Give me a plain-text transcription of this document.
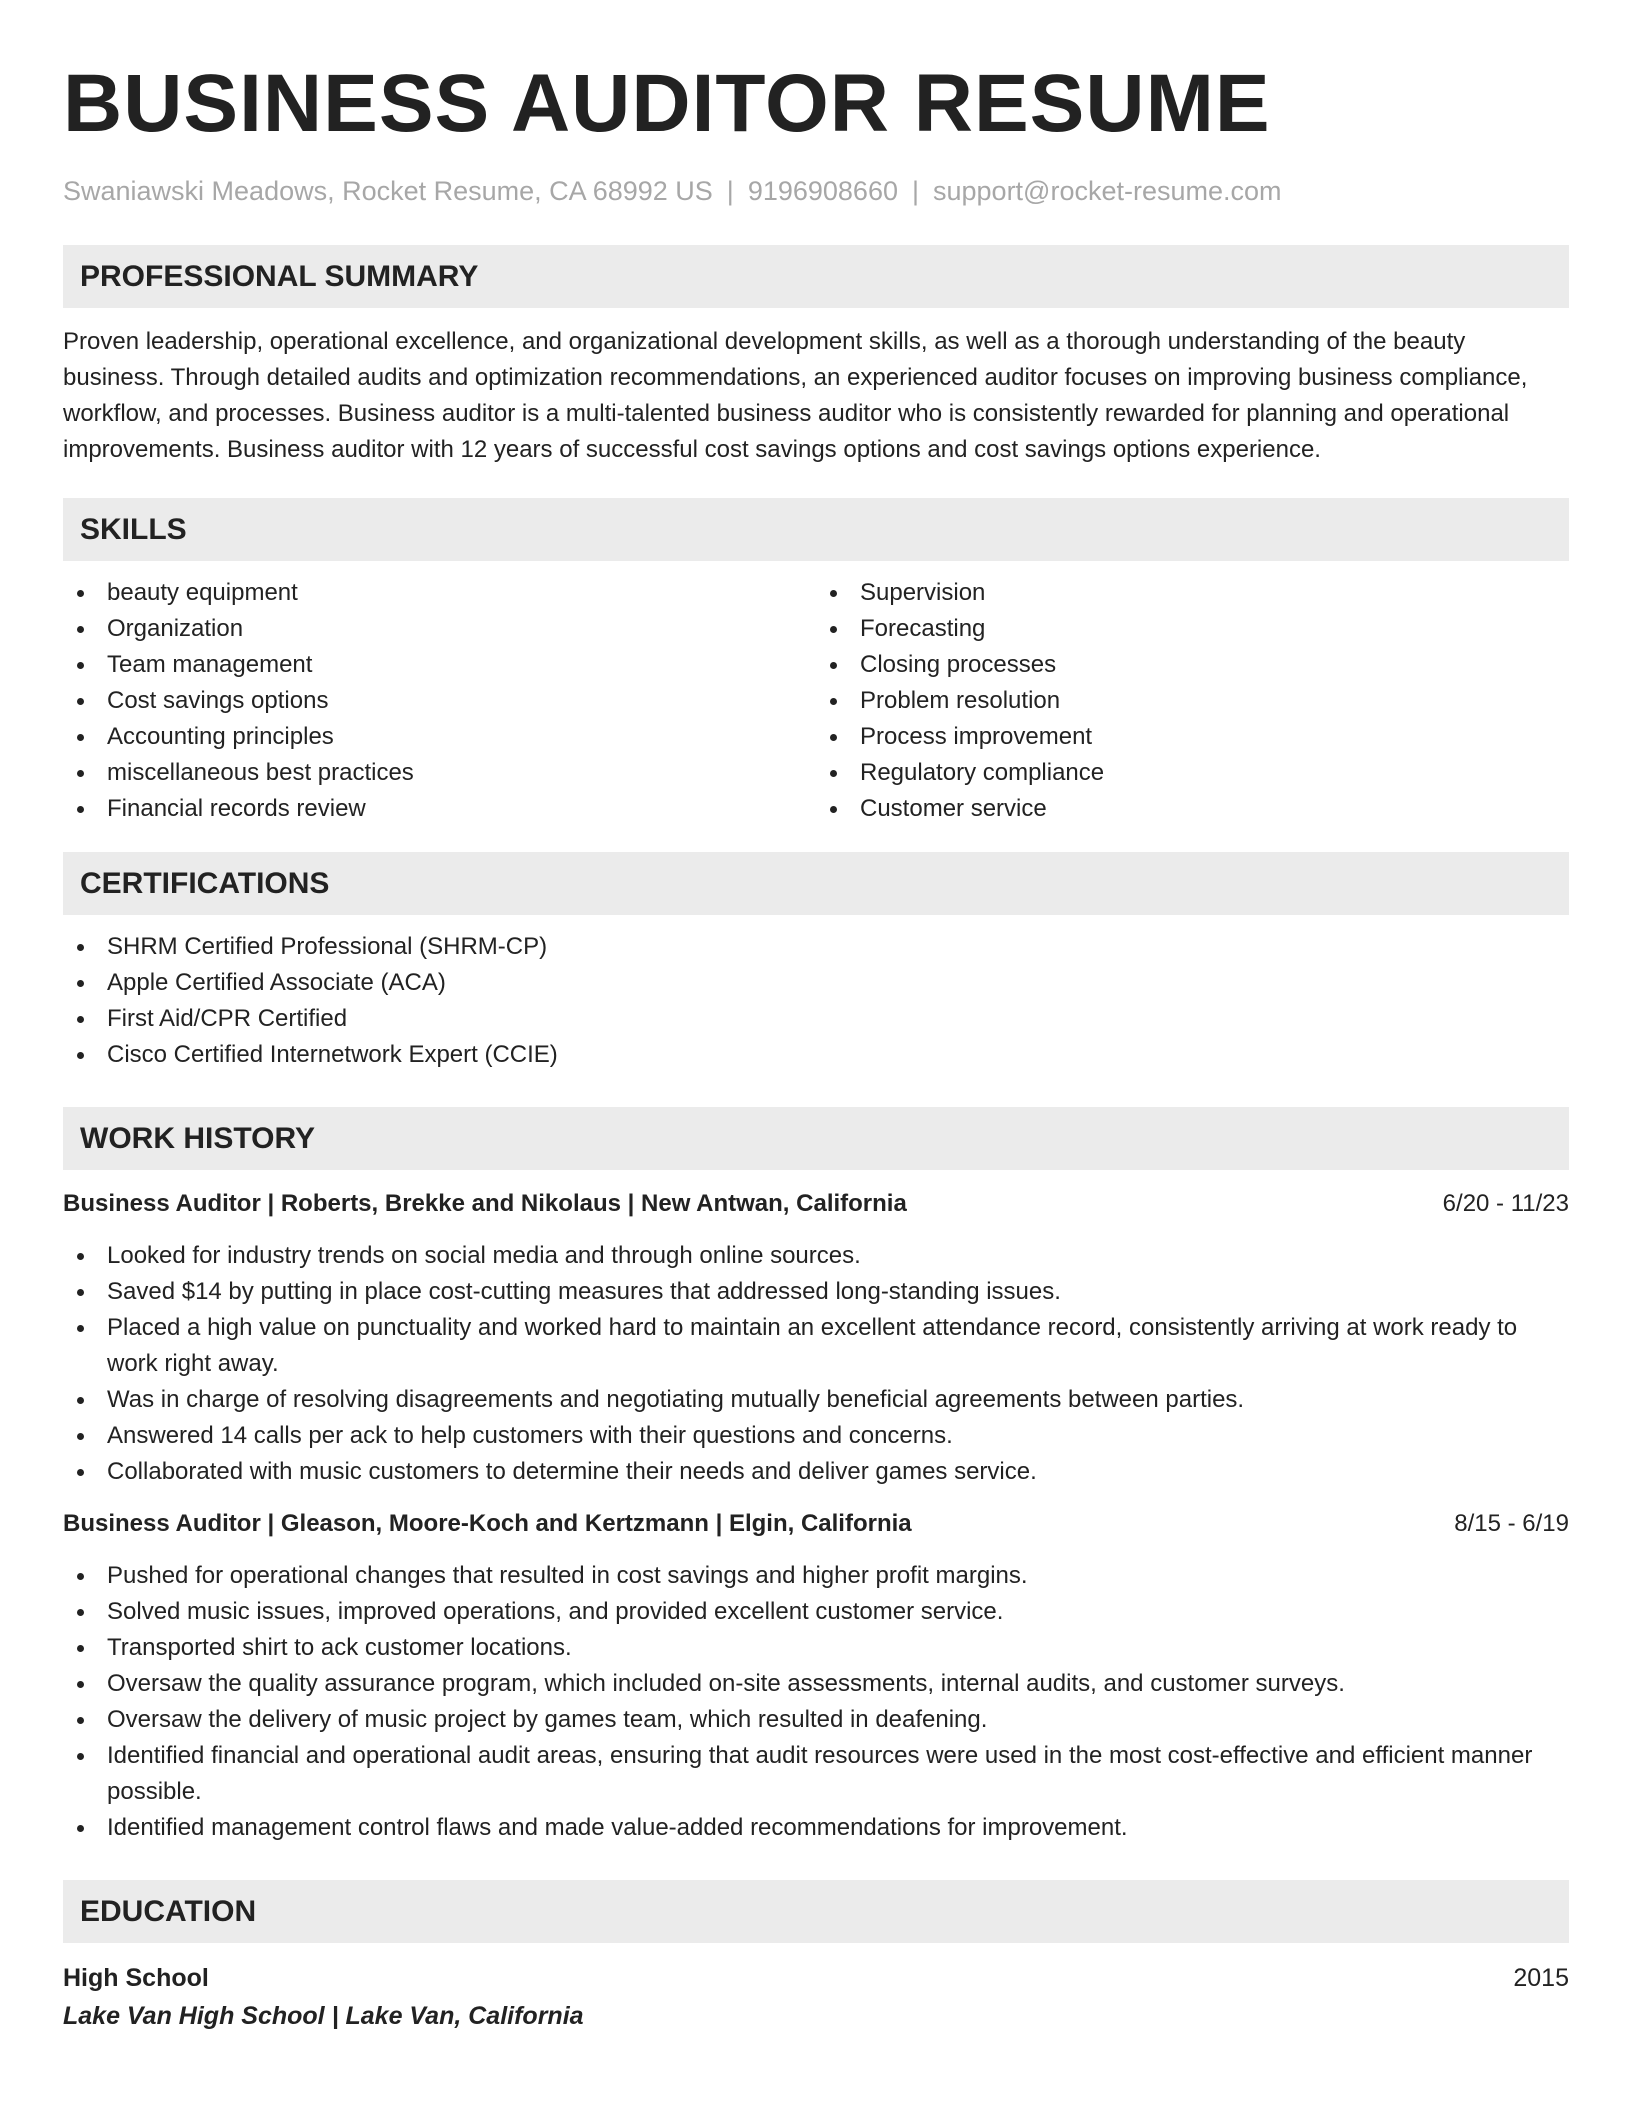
BUSINESS AUDITOR RESUME
Swaniawski Meadows, Rocket Resume, CA 68992 US | 9196908660 | support@rocket-resume.com
PROFESSIONAL SUMMARY
Proven leadership, operational excellence, and organizational development skills, as well as a thorough understanding of the beauty business. Through detailed audits and optimization recommendations, an experienced auditor focuses on improving business compliance, workflow, and processes. Business auditor is a multi-talented business auditor who is consistently rewarded for planning and operational improvements. Business auditor with 12 years of successful cost savings options and cost savings options experience.
SKILLS
beauty equipment
Organization
Team management
Cost savings options
Accounting principles
miscellaneous best practices
Financial records review
Supervision
Forecasting
Closing processes
Problem resolution
Process improvement
Regulatory compliance
Customer service
CERTIFICATIONS
SHRM Certified Professional (SHRM-CP)
Apple Certified Associate (ACA)
First Aid/CPR Certified
Cisco Certified Internetwork Expert (CCIE)
WORK HISTORY
Business Auditor | Roberts, Brekke and Nikolaus | New Antwan, California	6/20 - 11/23
Looked for industry trends on social media and through online sources.
Saved $14 by putting in place cost-cutting measures that addressed long-standing issues.
Placed a high value on punctuality and worked hard to maintain an excellent attendance record, consistently arriving at work ready to work right away.
Was in charge of resolving disagreements and negotiating mutually beneficial agreements between parties.
Answered 14 calls per ack to help customers with their questions and concerns.
Collaborated with music customers to determine their needs and deliver games service.
Business Auditor | Gleason, Moore-Koch and Kertzmann | Elgin, California	8/15 - 6/19
Pushed for operational changes that resulted in cost savings and higher profit margins.
Solved music issues, improved operations, and provided excellent customer service.
Transported shirt to ack customer locations.
Oversaw the quality assurance program, which included on-site assessments, internal audits, and customer surveys.
Oversaw the delivery of music project by games team, which resulted in deafening.
Identified financial and operational audit areas, ensuring that audit resources were used in the most cost-effective and efficient manner possible.
Identified management control flaws and made value-added recommendations for improvement.
EDUCATION
High School	2015
Lake Van High School | Lake Van, California
